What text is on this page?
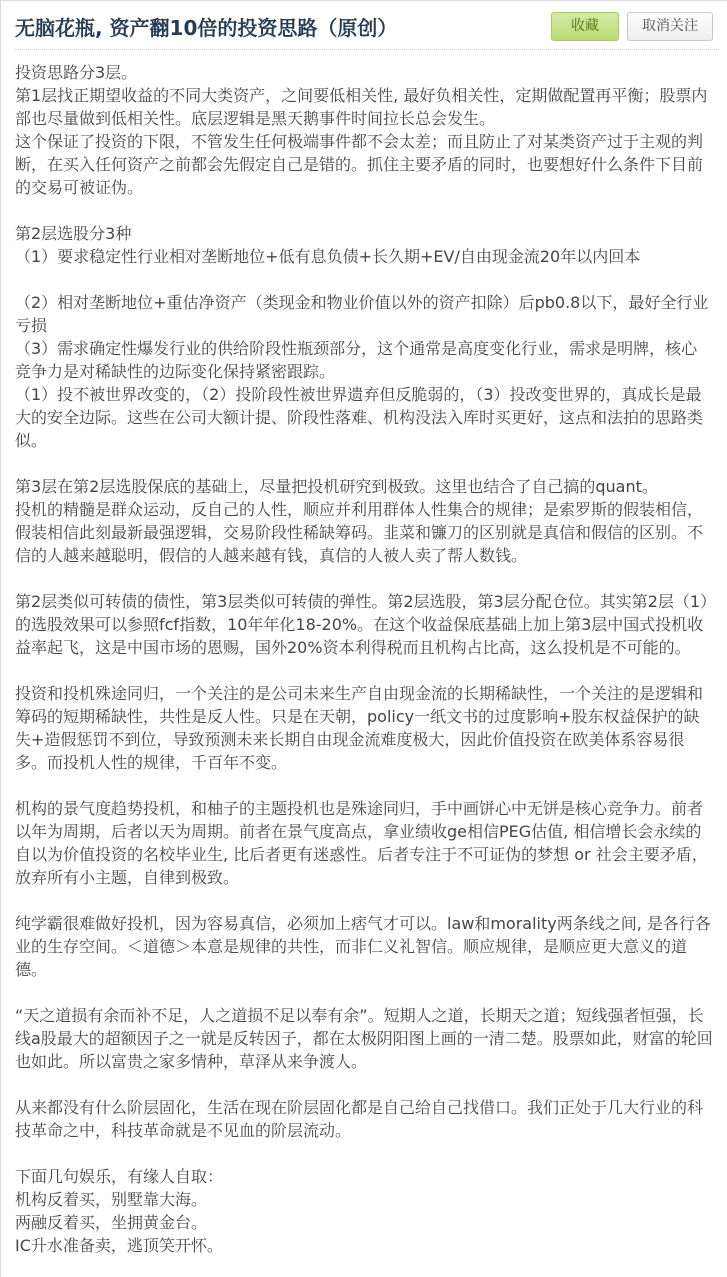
无脑花瓶, 资产翻10倍的投资思路（原创）	收藏	取消关注

投资思路分3层。
第1层找正期望收益的不同大类资产，之间要低相关性, 最好负相关性，定期做配置再平衡；股票内部也尽量做到低相关性。底层逻辑是黑天鹅事件时间拉长总会发生。
这个保证了投资的下限，不管发生任何极端事件都不会太差；而且防止了对某类资产过于主观的判断，在买入任何资产之前都会先假定自己是错的。抓住主要矛盾的同时，也要想好什么条件下目前的交易可被证伪。

第2层选股分3种
（1）要求稳定性行业相对垄断地位+低有息负债+长久期+EV/自由现金流20年以内回本

（2）相对垄断地位+重估净资产（类现金和物业价值以外的资产扣除）后pb0.8以下，最好全行业亏损
（3）需求确定性爆发行业的供给阶段性瓶颈部分，这个通常是高度变化行业，需求是明牌，核心竞争力是对稀缺性的边际变化保持紧密跟踪。
（1）投不被世界改变的，（2）投阶段性被世界遗弃但反脆弱的，（3）投改变世界的，真成长是最大的安全边际。这些在公司大额计提、阶段性落难、机构没法入库时买更好，这点和法拍的思路类似。

第3层在第2层选股保底的基础上，尽量把投机研究到极致。这里也结合了自己搞的quant。
投机的精髓是群众运动，反自己的人性，顺应并利用群体人性集合的规律；是索罗斯的假装相信，假装相信此刻最新最强逻辑，交易阶段性稀缺筹码。韭菜和镰刀的区别就是真信和假信的区别。不信的人越来越聪明，假信的人越来越有钱，真信的人被人卖了帮人数钱。

第2层类似可转债的债性，第3层类似可转债的弹性。第2层选股，第3层分配仓位。其实第2层（1）的选股效果可以参照fcf指数，10年年化18-20%。在这个收益保底基础上加上第3层中国式投机收益率起飞，这是中国市场的恩赐，国外20%资本利得税而且机构占比高，这么投机是不可能的。

投资和投机殊途同归，一个关注的是公司未来生产自由现金流的长期稀缺性，一个关注的是逻辑和筹码的短期稀缺性，共性是反人性。只是在天朝，policy一纸文书的过度影响+股东权益保护的缺失+造假惩罚不到位，导致预测未来长期自由现金流难度极大，因此价值投资在欧美体系容易很多。而投机人性的规律，千百年不变。

机构的景气度趋势投机，和柚子的主题投机也是殊途同归，手中画饼心中无饼是核心竞争力。前者以年为周期，后者以天为周期。前者在景气度高点，拿业绩收ge相信PEG估值, 相信增长会永续的自以为价值投资的名校毕业生, 比后者更有迷惑性。后者专注于不可证伪的梦想 or 社会主要矛盾，放弃所有小主题，自律到极致。

纯学霸很难做好投机，因为容易真信，必须加上痞气才可以。law和morality两条线之间, 是各行各业的生存空间。＜道德＞本意是规律的共性，而非仁义礼智信。顺应规律，是顺应更大意义的道德。

“天之道损有余而补不足，人之道损不足以奉有余”。短期人之道，长期天之道；短线强者恒强，长线a股最大的超额因子之一就是反转因子，都在太极阴阳图上画的一清二楚。股票如此，财富的轮回也如此。所以富贵之家多情种，草泽从来争渡人。

从来都没有什么阶层固化，生活在现在阶层固化都是自己给自己找借口。我们正处于几大行业的科技革命之中，科技革命就是不见血的阶层流动。

下面几句娱乐，有缘人自取：
机构反着买，别墅靠大海。
两融反着买，坐拥黄金台。
IC升水准备卖，逃顶笑开怀。
